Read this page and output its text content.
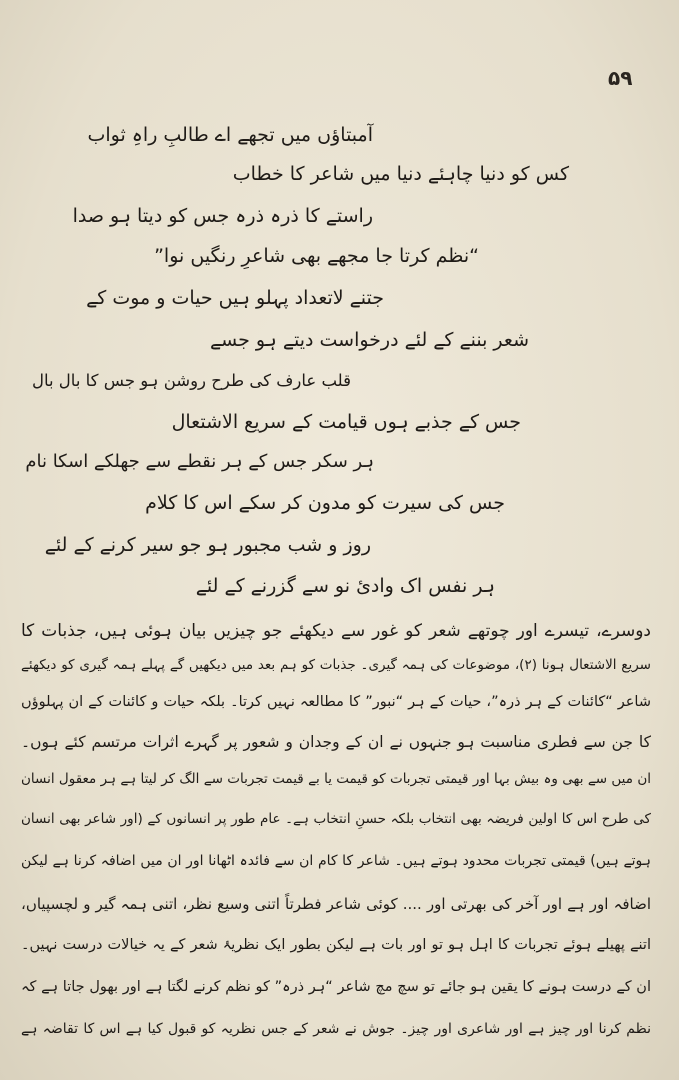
۵۹
آمبتاؤں میں تجھے اے طالبِ راہِ ثواب
کس کو دنیا چاہئے دنیا میں شاعر کا خطاب
راستے کا ذرہ ذرہ جس کو دیتا ہو صدا
“نظم کرتا جا مجھے بھی شاعرِ رنگیں نوا”
جتنے لاتعداد پہلو ہیں حیات و موت کے
شعر بننے کے لئے درخواست دیتے ہو جسے
قلب عارف کی طرح روشن ہو جس کا بال بال
جس کے جذبے ہوں قیامت کے سریع الاشتعال
ہر سکر جس کے ہر نقطے سے جھلکے اسکا نام
جس کی سیرت کو مدون کر سکے اس کا کلام
روز و شب مجبور ہو جو سیر کرنے کے لئے
ہر نفس اک وادیٔ نو سے گزرنے کے لئے
دوسرے، تیسرے اور چوتھے شعر کو غور سے دیکھئے جو چیزیں بیان ہوئی ہیں، جذبات کا
سریع الاشتعال ہونا (۲)، موضوعات کی ہمہ گیری۔ جذبات کو ہم بعد میں دیکھیں گے پہلے ہمہ گیری کو دیکھئے
شاعر “کائنات کے ہر ذرہ”، حیات کے ہر “نبور” کا مطالعہ نہیں کرتا۔ بلکہ حیات و کائنات کے ان پہلوؤں
کا جن سے فطری مناسبت ہو جنہوں نے ان کے وجدان و شعور پر گہرے اثرات مرتسم کئے ہوں۔
ان میں سے بھی وہ بیش بہا اور قیمتی تجربات کو قیمت یا بے قیمت تجربات سے الگ کر لیتا ہے ہر معقول انسان
کی طرح اس کا اولین فریضہ بھی انتخاب بلکہ حسنِ انتخاب ہے۔ عام طور پر انسانوں کے (اور شاعر بھی انسان
ہوتے ہیں) قیمتی تجربات محدود ہوتے ہیں۔ شاعر کا کام ان سے فائدہ اٹھانا اور ان میں اضافہ کرنا ہے لیکن
اضافہ اور ہے اور آخر کی بھرتی اور .... کوئی شاعر فطرتاً اتنی وسیع نظر، اتنی ہمہ گیر و لچسپیاں،
اتنے پھیلے ہوئے تجربات کا اہل ہو تو اور بات ہے لیکن بطور ایک نظریۂ شعر کے یہ خیالات درست نہیں۔
ان کے درست ہونے کا یقین ہو جائے تو سچ مچ شاعر “ہر ذرہ” کو نظم کرنے لگتا ہے اور بھول جاتا ہے کہ
نظم کرنا اور چیز ہے اور شاعری اور چیز۔ جوش نے شعر کے جس نظریہ کو قبول کیا ہے اس کا تقاضہ ہے
